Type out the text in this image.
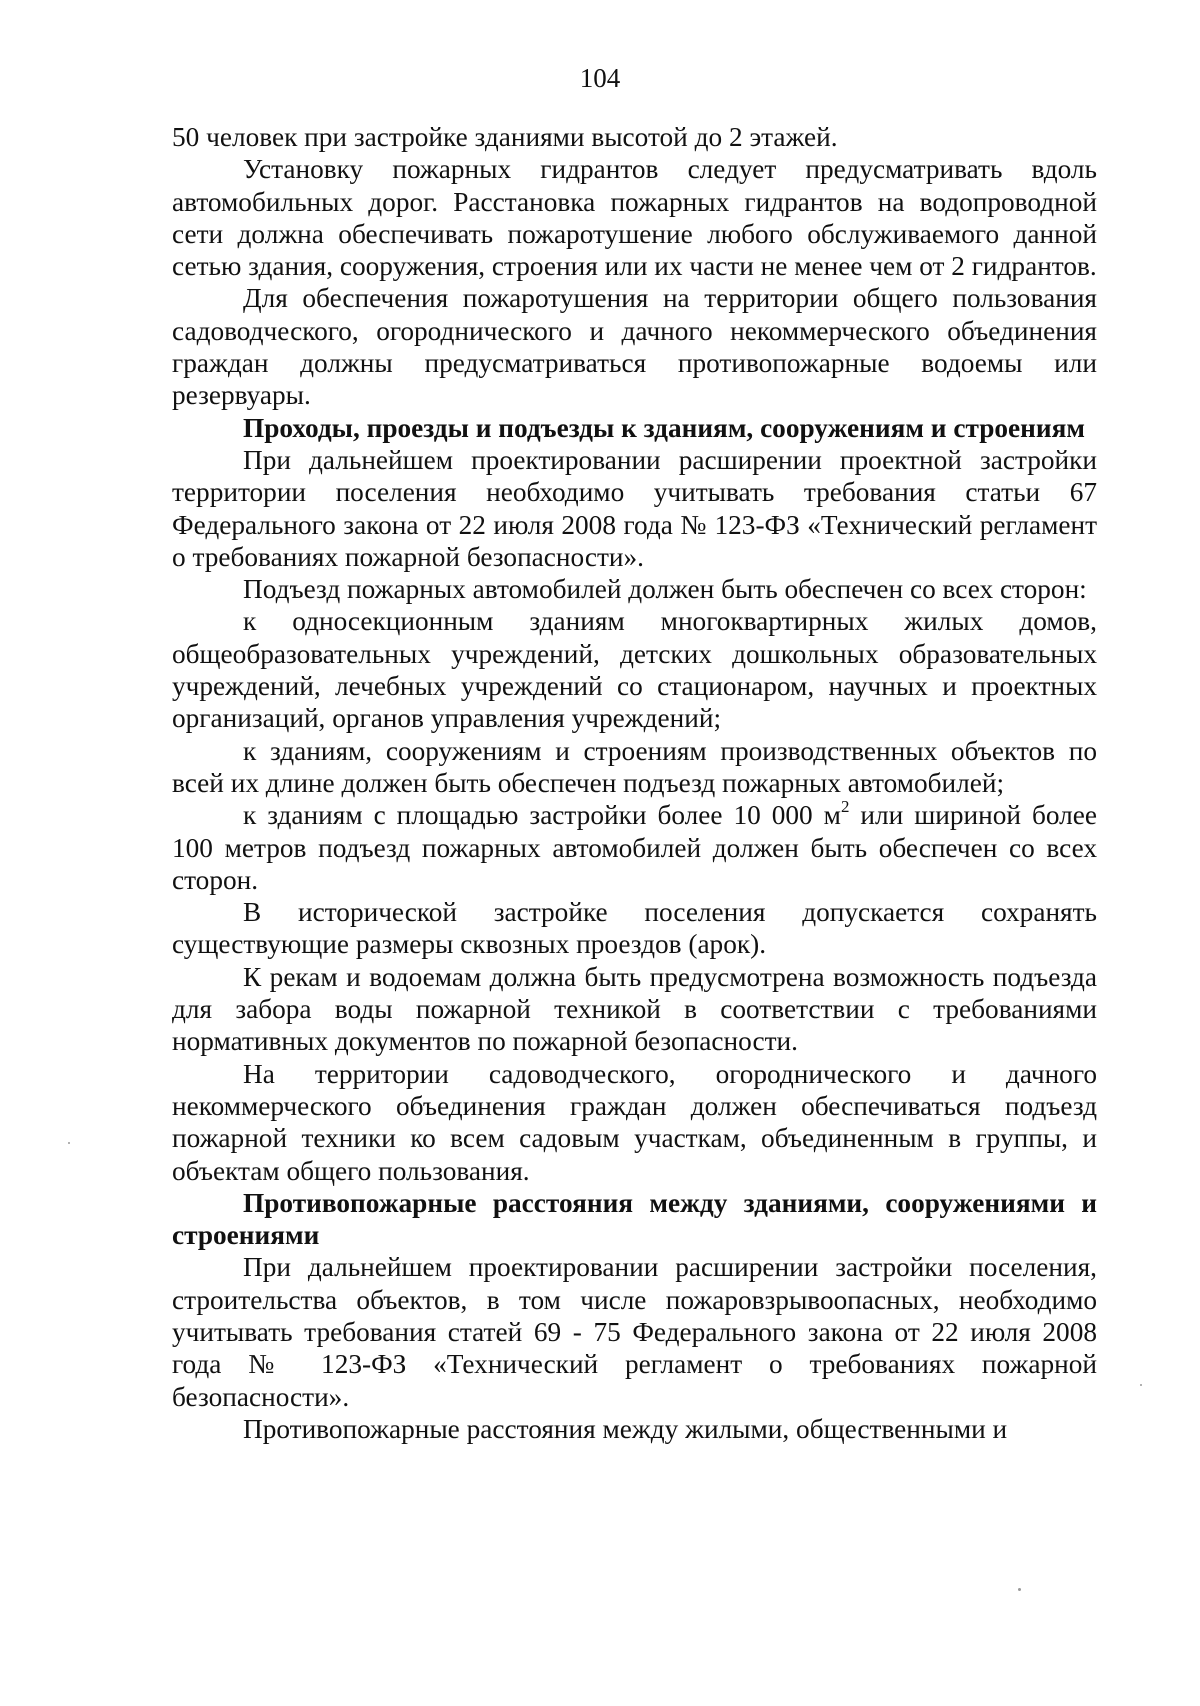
104

50 человек при застройке зданиями высотой до 2 этажей.

Установку пожарных гидрантов следует предусматривать вдоль автомобильных дорог. Расстановка пожарных гидрантов на водопроводной сети должна обеспечивать пожаротушение любого обслуживаемого данной сетью здания, сооружения, строения или их части не менее чем от 2 гидрантов.

Для обеспечения пожаротушения на территории общего пользования садоводческого, огороднического и дачного некоммерческого объединения граждан должны предусматриваться противопожарные водоемы или резервуары.

Проходы, проезды и подъезды к зданиям, сооружениям и строениям

При дальнейшем проектировании расширении проектной застройки территории поселения необходимо учитывать требования статьи 67 Федерального закона от 22 июля 2008 года № 123-ФЗ «Технический регламент о требованиях пожарной безопасности».

Подъезд пожарных автомобилей должен быть обеспечен со всех сторон:

к односекционным зданиям многоквартирных жилых домов, общеобразовательных учреждений, детских дошкольных образовательных учреждений, лечебных учреждений со стационаром, научных и проектных организаций, органов управления учреждений;

к зданиям, сооружениям и строениям производственных объектов по всей их длине должен быть обеспечен подъезд пожарных автомобилей;

к зданиям с площадью застройки более 10 000 $м^2$ или шириной более 100 метров подъезд пожарных автомобилей должен быть обеспечен со всех сторон.

В исторической застройке поселения допускается сохранять существующие размеры сквозных проездов (арок).

К рекам и водоемам должна быть предусмотрена возможность подъезда для забора воды пожарной техникой в соответствии с требованиями нормативных документов по пожарной безопасности.

На территории садоводческого, огороднического и дачного некоммерческого объединения граждан должен обеспечиваться подъезд пожарной техники ко всем садовым участкам, объединенным в группы, и объектам общего пользования.

Противопожарные расстояния между зданиями, сооружениями и строениями

При дальнейшем проектировании расширении застройки поселения, строительства объектов, в том числе пожаровзрывоопасных, необходимо учитывать требования статей 69 - 75 Федерального закона от 22 июля 2008 года № 123-ФЗ «Технический регламент о требованиях пожарной безопасности».

Противопожарные расстояния между жилыми, общественными и
